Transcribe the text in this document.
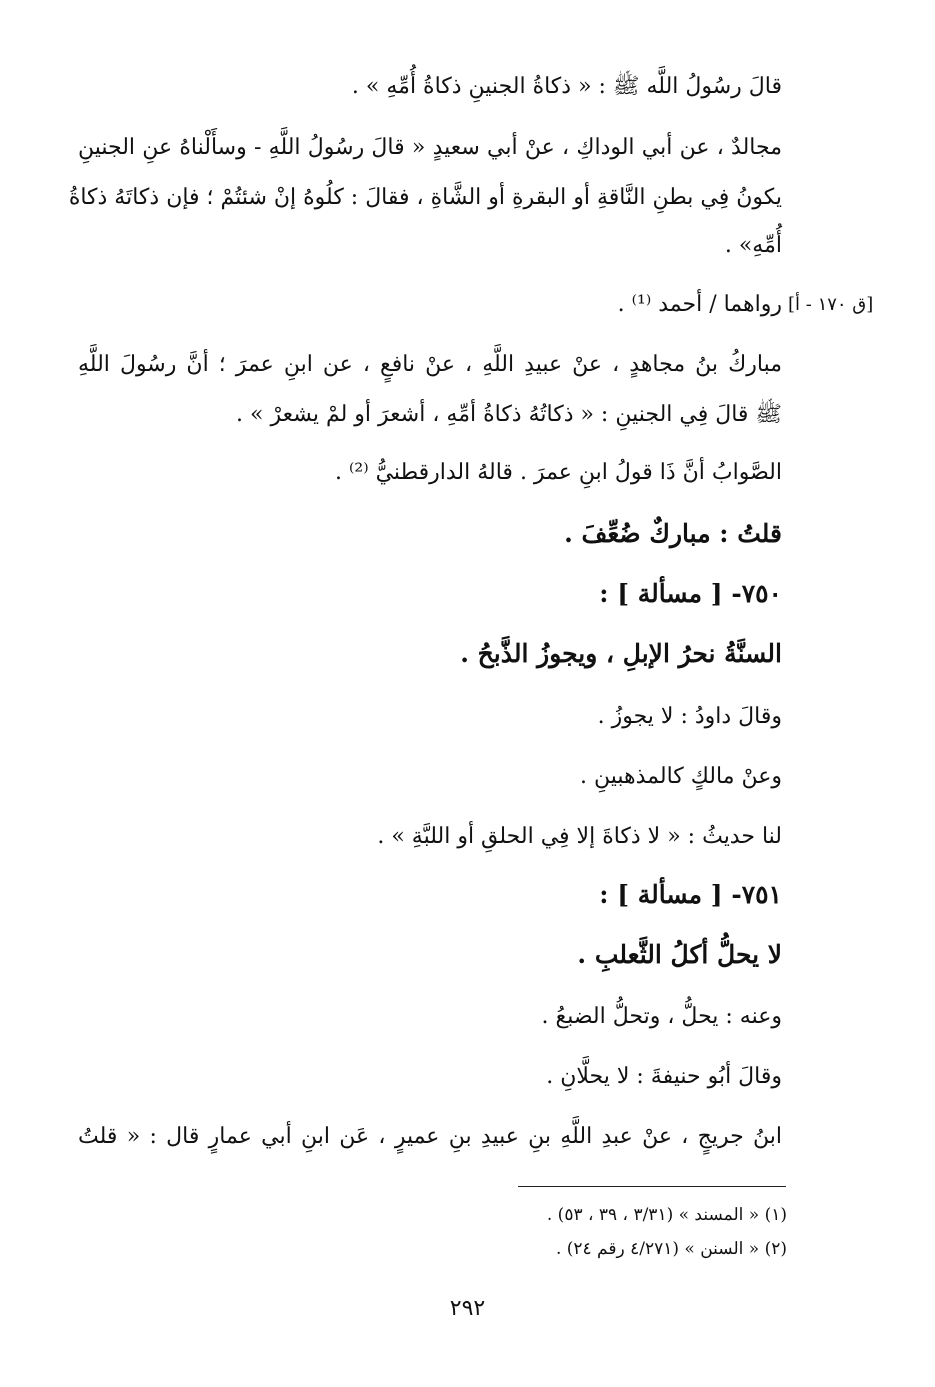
قالَ رسُولُ اللَّه ﷺ : « ذكاةُ الجنينِ ذكاةُ أُمِّهِ » .
مجالدٌ ، عن أبي الوداكِ ، عنْ أبي سعيدٍ « قالَ رسُولُ اللَّهِ - وسأَلْناهُ عنِ الجنينِ
يكونُ فِي بطنِ النَّاقةِ أو البقرةِ أو الشَّاةِ ، فقالَ : كلُوهُ إنْ شئتُمْ ؛ فإن ذكاتَهُ ذكاةُ
أُمِّهِ» .
[ق ١٧٠ - أ]
رواهما / أحمد ⁽¹⁾ .
مباركُ بنُ مجاهدٍ ، عنْ عبيدِ اللَّهِ ، عنْ نافعٍ ، عن ابنِ عمرَ ؛ أنَّ رسُولَ اللَّهِ
ﷺ قالَ فِي الجنينِ : « ذكاتُهُ ذكاةُ أمِّهِ ، أشعرَ أو لمْ يشعرْ » .
الصَّوابُ أنَّ ذَا قولُ ابنِ عمرَ . قالهُ الدارقطنيُّ ⁽²⁾ .
قلتُ : مباركٌ ضُعِّفَ .
٧٥٠- [ مسألة ] :
السنَّةُ نحرُ الإبلِ ، ويجوزُ الذَّبحُ .
وقالَ داودُ : لا يجوزُ .
وعنْ مالكٍ كالمذهبينِ .
لنا حديثُ : « لا ذكاةَ إلا فِي الحلقِ أو اللبَّةِ » .
٧٥١- [ مسألة ] :
لا يحلُّ أكلُ الثَّعلبِ .
وعنه : يحلُّ ، وتحلُّ الضبعُ .
وقالَ أبُو حنيفةَ : لا يحلَّانِ .
ابنُ جريجٍ ، عنْ عبدِ اللَّهِ بنِ عبيدِ بنِ عميرٍ ، عَن ابنِ أبي عمارٍ قال : « قلتُ
(١) « المسند » (٣/٣١ ، ٣٩ ، ٥٣) .
(٢) « السنن » (٤/٢٧١ رقم ٢٤) .
٢٩٢
